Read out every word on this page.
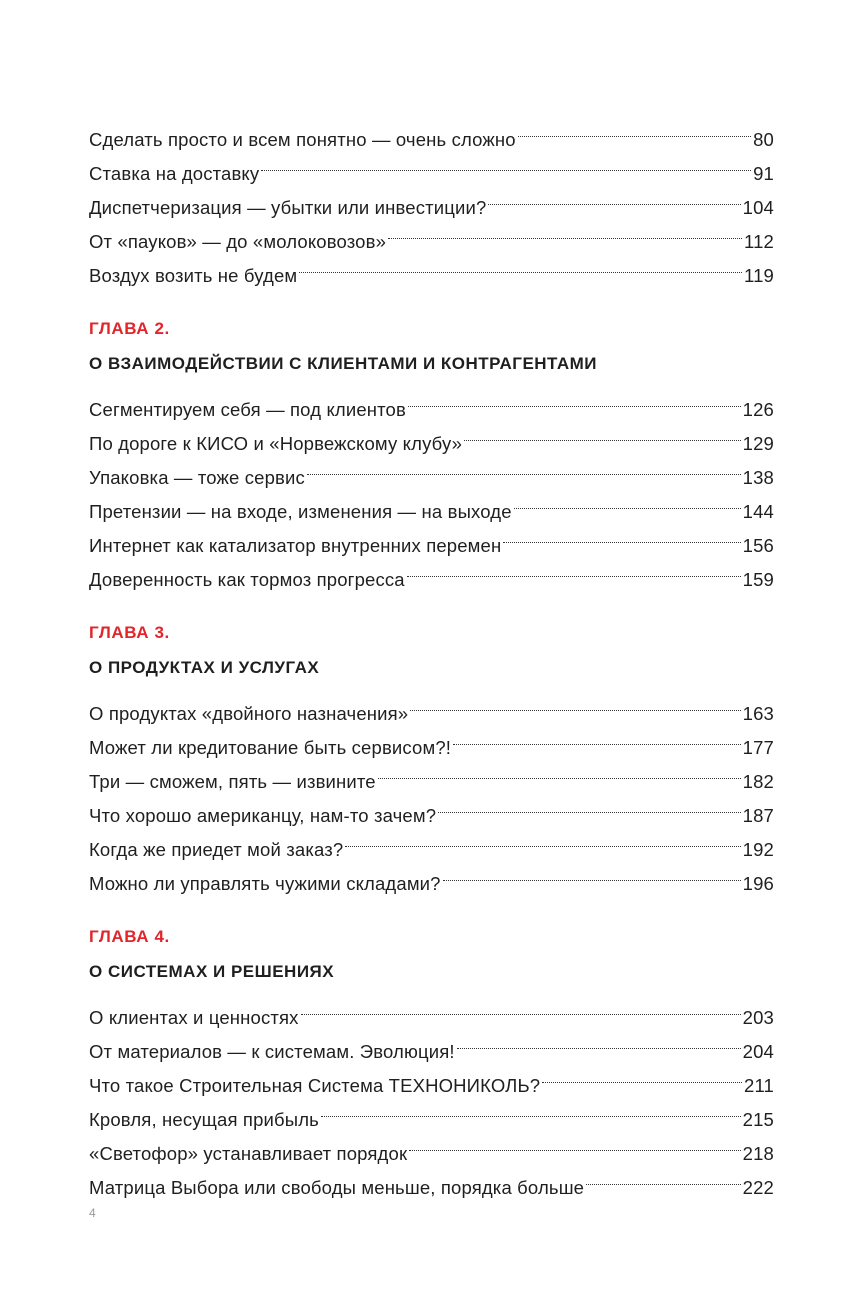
Сделать просто и всем понятно — очень сложно	80
Ставка на доставку	91
Диспетчеризация — убытки или инвестиции?	104
От «пауков» — до «молоковозов»	112
Воздух возить не будем	119
ГЛАВА 2.
О ВЗАИМОДЕЙСТВИИ С КЛИЕНТАМИ И КОНТРАГЕНТАМИ
Сегментируем себя — под клиентов	126
По дороге к КИСО и «Норвежскому клубу»	129
Упаковка — тоже сервис	138
Претензии — на входе, изменения — на выходе	144
Интернет как катализатор внутренних перемен	156
Доверенность как тормоз прогресса	159
ГЛАВА 3.
О ПРОДУКТАХ И УСЛУГАХ
О продуктах «двойного назначения»	163
Может ли кредитование быть сервисом?!	177
Три — сможем, пять — извините	182
Что хорошо американцу, нам-то зачем?	187
Когда же приедет мой заказ?	192
Можно ли управлять чужими складами?	196
ГЛАВА 4.
О СИСТЕМАХ И РЕШЕНИЯХ
О клиентах и ценностях	203
От материалов — к системам. Эволюция!	204
Что такое Строительная Система ТЕХНОНИКОЛЬ?	211
Кровля, несущая прибыль	215
«Светофор» устанавливает порядок	218
Матрица Выбора или свободы меньше, порядка больше	222
4
